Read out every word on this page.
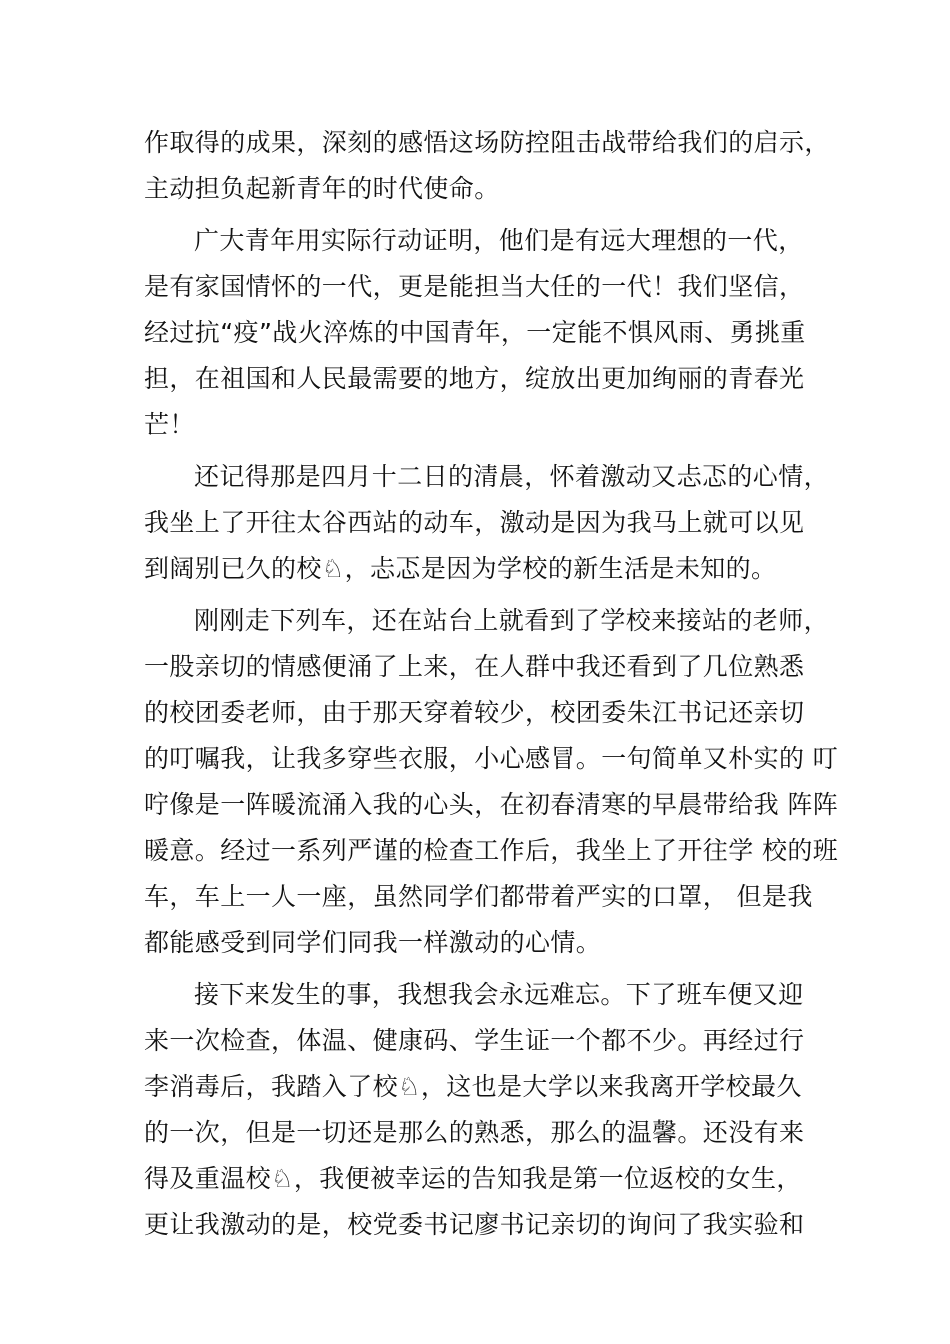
作取得的成果，深刻的感悟这场防控阻击战带给我们的启示，
主动担负起新青年的时代使命。
广大青年用实际行动证明，他们是有远大理想的一代，
是有家国情怀的一代，更是能担当大任的一代！我们坚信，
经过抗“疫”战火淬炼的中国青年，一定能不惧风雨、勇挑重
担，在祖国和人民最需要的地方，绽放出更加绚丽的青春光
芒！
还记得那是四月十二日的清晨，怀着激动又忐忑的心情，
我坐上了开往太谷西站的动车，激动是因为我马上就可以见
到阔别已久的校♘，忐忑是因为学校的新生活是未知的。
刚刚走下列车，还在站台上就看到了学校来接站的老师，
一股亲切的情感便涌了上来，在人群中我还看到了几位熟悉
的校团委老师，由于那天穿着较少，校团委朱江书记还亲切
的叮嘱我，让我多穿些衣服，小心感冒。一句简单又朴实的 叮
咛像是一阵暖流涌入我的心头，在初春清寒的早晨带给我 阵阵
暖意。经过一系列严谨的检查工作后，我坐上了开往学 校的班
车，车上一人一座，虽然同学们都带着严实的口罩， 但是我
都能感受到同学们同我一样激动的心情。
接下来发生的事，我想我会永远难忘。下了班车便又迎
来一次检查，体温、健康码、学生证一个都不少。再经过行
李消毒后，我踏入了校♘，这也是大学以来我离开学校最久
的一次，但是一切还是那么的熟悉，那么的温馨。还没有来
得及重温校♘，我便被幸运的告知我是第一位返校的女生，
更让我激动的是，校党委书记廖书记亲切的询问了我实验和
